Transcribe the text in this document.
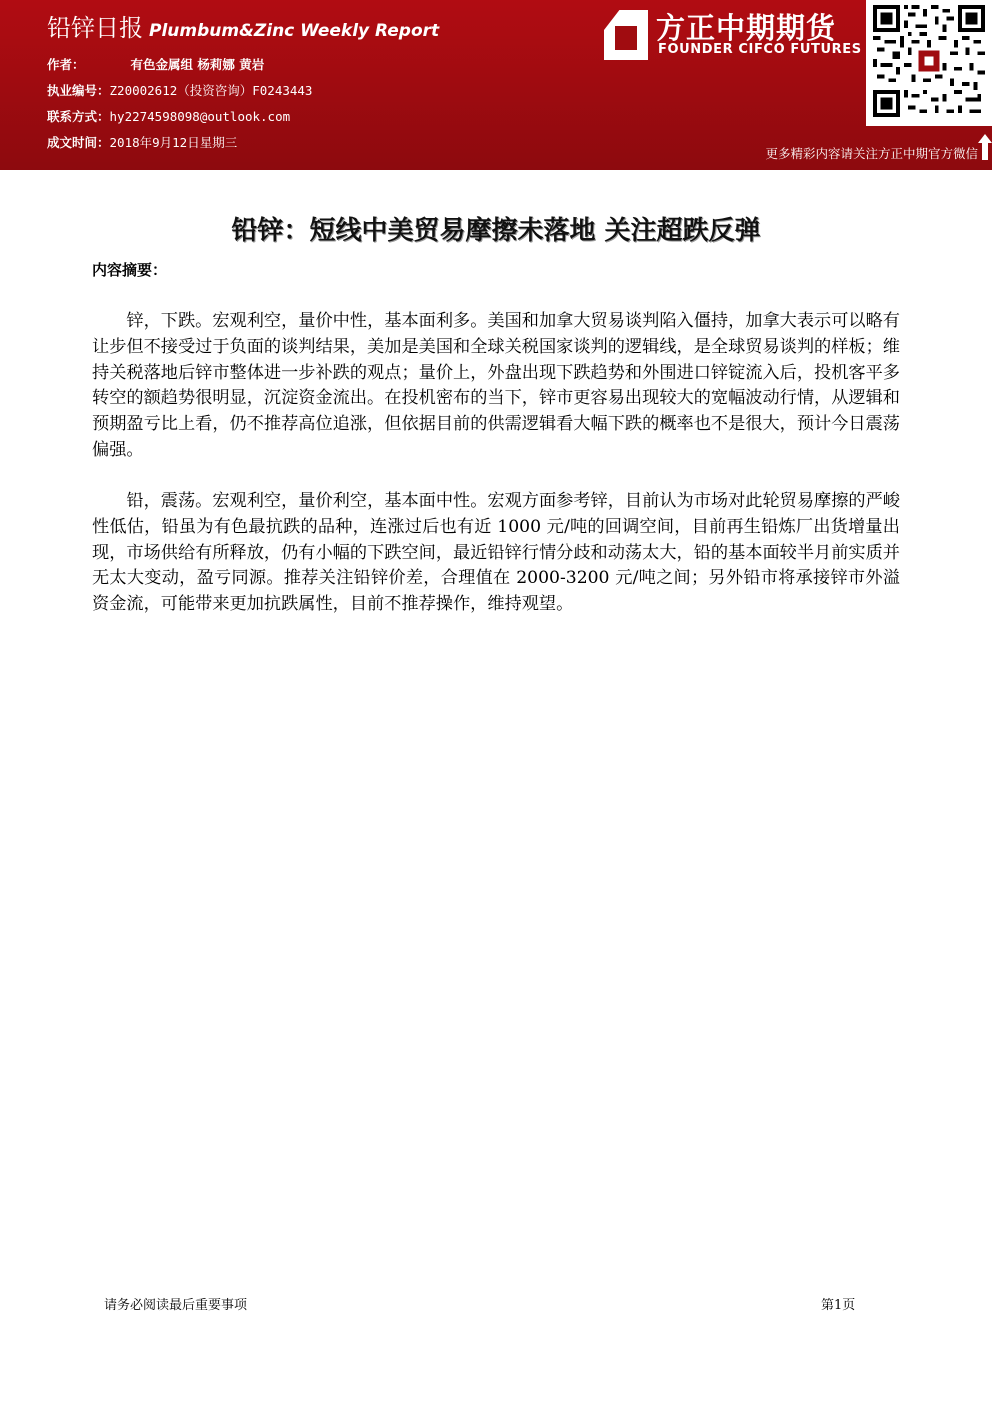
铅锌日报 Plumbum&Zinc Weekly Report
作者：	有色金属组 杨莉娜 黄岩
执业编号：Z20002612（投资咨询）F0243443
联系方式：hy2274598098@outlook.com
成文时间：2018年9月12日星期三
方正中期期货
FOUNDER CIFCO FUTURES
更多精彩内容请关注方正中期官方微信
铅锌：短线中美贸易摩擦未落地 关注超跌反弹
内容摘要：

锌，下跌。宏观利空，量价中性，基本面利多。美国和加拿大贸易谈判陷入僵持，加拿大表示可以略有让步但不接受过于负面的谈判结果，美加是美国和全球关税国家谈判的逻辑线，是全球贸易谈判的样板；维持关税落地后锌市整体进一步补跌的观点；量价上，外盘出现下跌趋势和外围进口锌锭流入后，投机客平多转空的额趋势很明显，沉淀资金流出。在投机密布的当下，锌市更容易出现较大的宽幅波动行情，从逻辑和预期盈亏比上看，仍不推荐高位追涨，但依据目前的供需逻辑看大幅下跌的概率也不是很大，预计今日震荡偏强。

铅，震荡。宏观利空，量价利空，基本面中性。宏观方面参考锌，目前认为市场对此轮贸易摩擦的严峻性低估，铅虽为有色最抗跌的品种，连涨过后也有近 1000 元/吨的回调空间，目前再生铅炼厂出货增量出现，市场供给有所释放，仍有小幅的下跌空间，最近铅锌行情分歧和动荡太大，铅的基本面较半月前实质并无太大变动，盈亏同源。推荐关注铅锌价差，合理值在 2000-3200 元/吨之间；另外铅市将承接锌市外溢资金流，可能带来更加抗跌属性，目前不推荐操作，维持观望。

请务必阅读最后重要事项	第1页
